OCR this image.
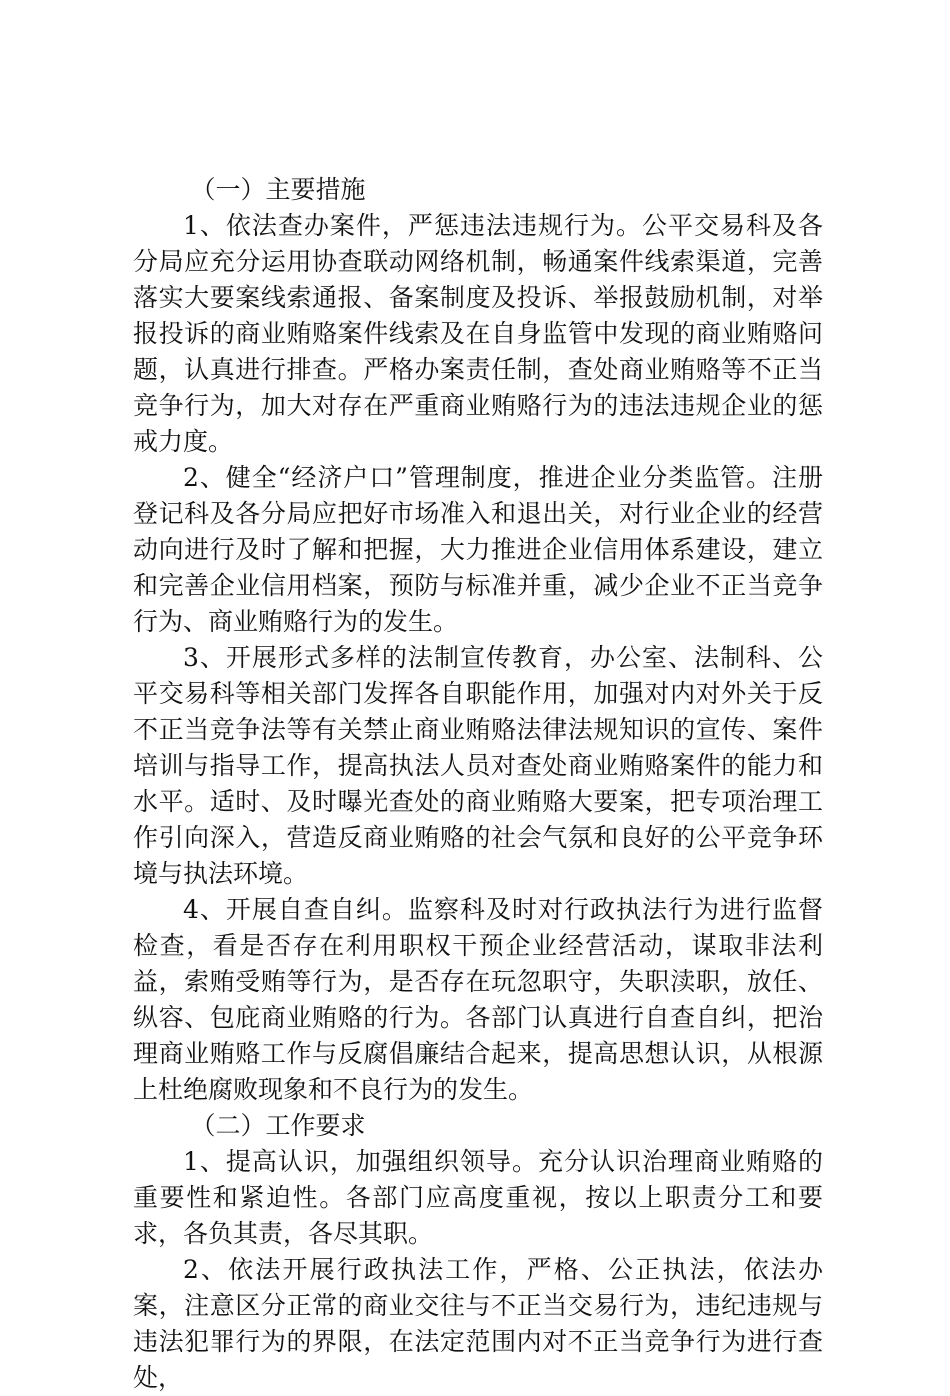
（一）主要措施

1、依法查办案件，严惩违法违规行为。公平交易科及各分局应充分运用协查联动网络机制，畅通案件线索渠道，完善落实大要案线索通报、备案制度及投诉、举报鼓励机制，对举报投诉的商业贿赂案件线索及在自身监管中发现的商业贿赂问题，认真进行排查。严格办案责任制，查处商业贿赂等不正当竞争行为，加大对存在严重商业贿赂行为的违法违规企业的惩戒力度。

2、健全“经济户口”管理制度，推进企业分类监管。注册登记科及各分局应把好市场准入和退出关，对行业企业的经营动向进行及时了解和把握，大力推进企业信用体系建设，建立和完善企业信用档案，预防与标准并重，减少企业不正当竞争行为、商业贿赂行为的发生。

3、开展形式多样的法制宣传教育，办公室、法制科、公平交易科等相关部门发挥各自职能作用，加强对内对外关于反不正当竞争法等有关禁止商业贿赂法律法规知识的宣传、案件培训与指导工作，提高执法人员对查处商业贿赂案件的能力和水平。适时、及时曝光查处的商业贿赂大要案，把专项治理工作引向深入，营造反商业贿赂的社会气氛和良好的公平竞争环境与执法环境。

4、开展自查自纠。监察科及时对行政执法行为进行监督检查，看是否存在利用职权干预企业经营活动，谋取非法利益，索贿受贿等行为，是否存在玩忽职守，失职渎职，放任、纵容、包庇商业贿赂的行为。各部门认真进行自查自纠，把治理商业贿赂工作与反腐倡廉结合起来，提高思想认识，从根源上杜绝腐败现象和不良行为的发生。

（二）工作要求

1、提高认识，加强组织领导。充分认识治理商业贿赂的重要性和紧迫性。各部门应高度重视，按以上职责分工和要求，各负其责，各尽其职。

2、依法开展行政执法工作，严格、公正执法，依法办案，注意区分正常的商业交往与不正当交易行为，违纪违规与违法犯罪行为的界限，在法定范围内对不正当竞争行为进行查处，
